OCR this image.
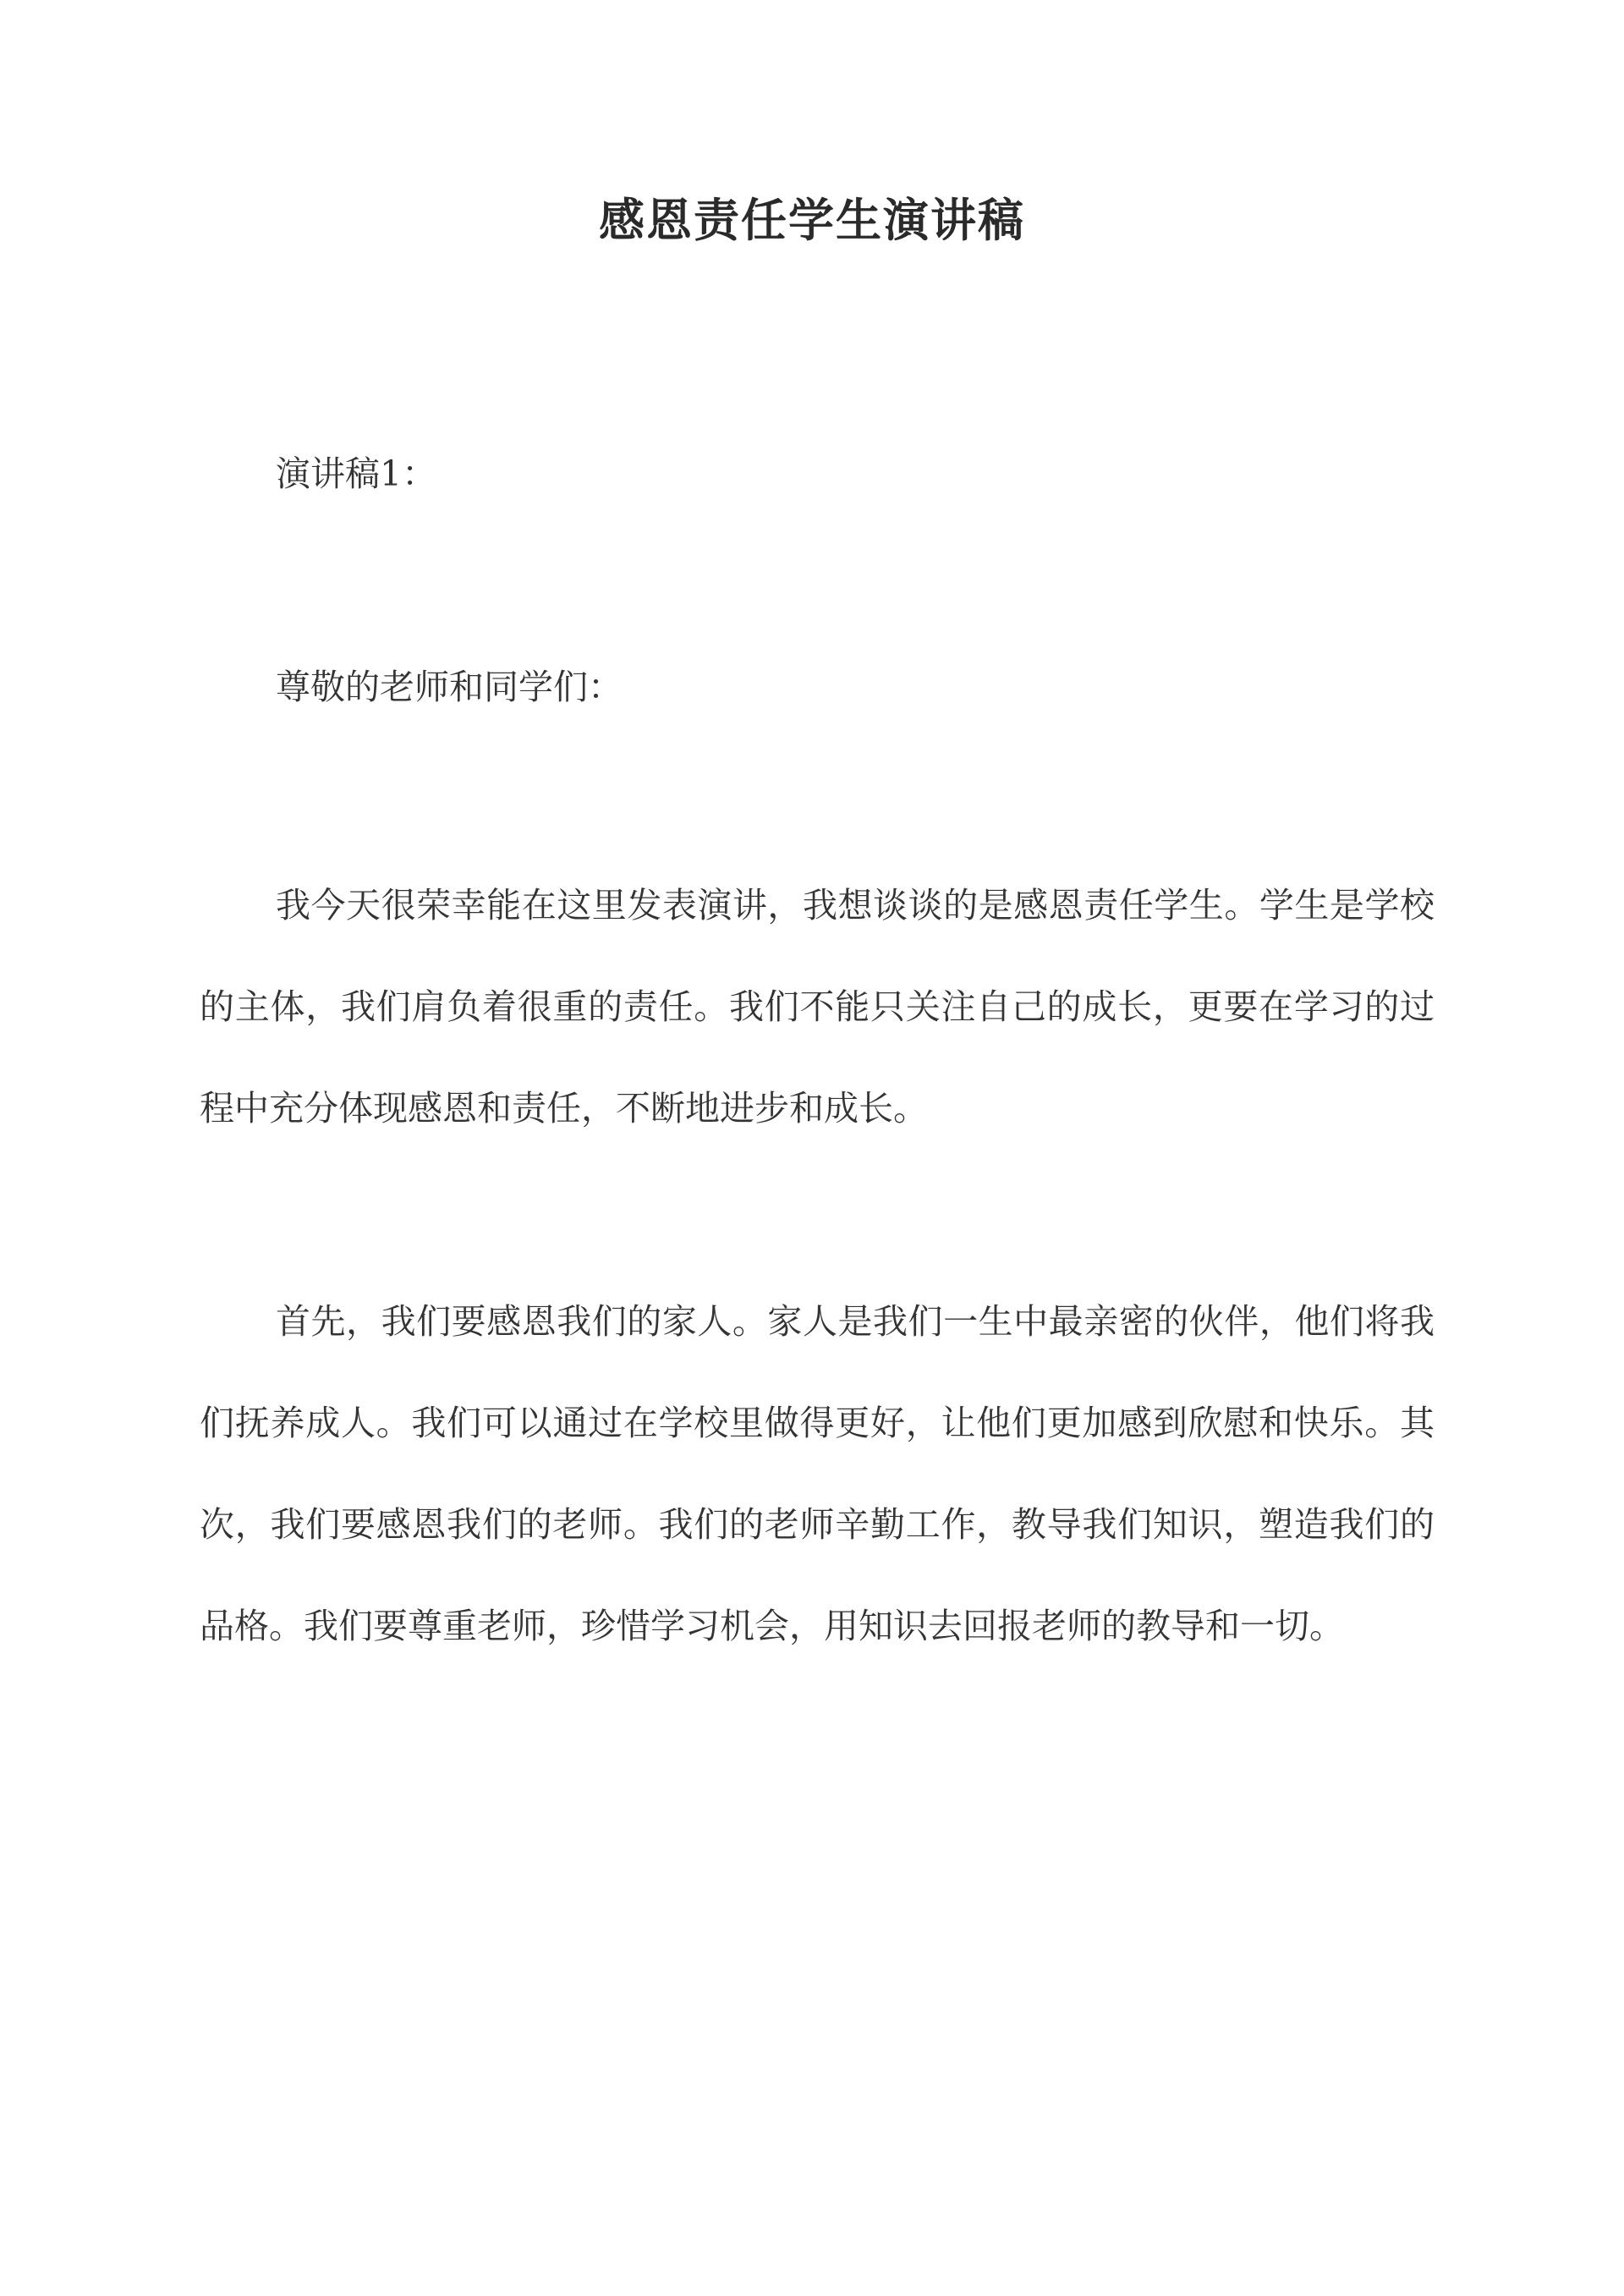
感恩责任学生演讲稿
演讲稿1：
尊敬的老师和同学们：
我今天很荣幸能在这里发表演讲，我想谈谈的是感恩责任学生。学生是学校的主体，我们肩负着很重的责任。我们不能只关注自己的成长，更要在学习的过程中充分体现感恩和责任，不断地进步和成长。
首先，我们要感恩我们的家人。家人是我们一生中最亲密的伙伴，他们将我们抚养成人。我们可以通过在学校里做得更好，让他们更加感到欣慰和快乐。其次，我们要感恩我们的老师。我们的老师辛勤工作，教导我们知识，塑造我们的品格。我们要尊重老师，珍惜学习机会，用知识去回报老师的教导和一切。
